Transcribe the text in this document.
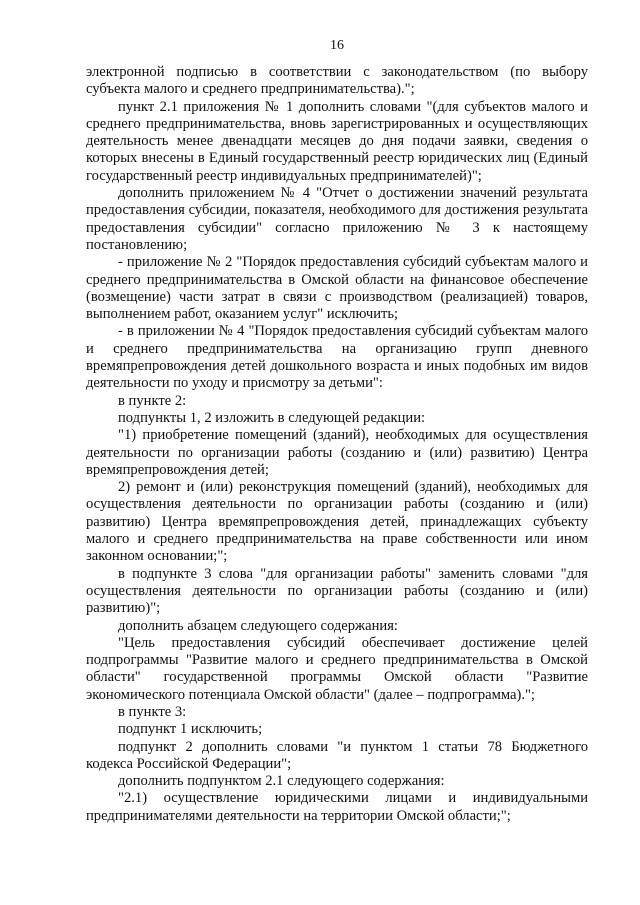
16

электронной подписью в соответствии с законодательством (по выбору субъекта малого и среднего предпринимательства).";

пункт 2.1 приложения № 1 дополнить словами "(для субъектов малого и среднего предпринимательства, вновь зарегистрированных и осуществляющих деятельность менее двенадцати месяцев до дня подачи заявки, сведения о которых внесены в Единый государственный реестр юридических лиц (Единый государственный реестр индивидуальных предпринимателей)";

дополнить приложением № 4 "Отчет о достижении значений результата предоставления субсидии, показателя, необходимого для достижения результата предоставления субсидии" согласно приложению № 3 к настоящему постановлению;

- приложение № 2 "Порядок предоставления субсидий субъектам малого и среднего предпринимательства в Омской области на финансовое обеспечение (возмещение) части затрат в связи с производством (реализацией) товаров, выполнением работ, оказанием услуг" исключить;

- в приложении № 4 "Порядок предоставления субсидий субъектам малого и среднего предпринимательства на организацию групп дневного времяпрепровождения детей дошкольного возраста и иных подобных им видов деятельности по уходу и присмотру за детьми":

в пункте 2:

подпункты 1, 2 изложить в следующей редакции:

"1) приобретение помещений (зданий), необходимых для осуществления деятельности по организации работы (созданию и (или) развитию) Центра времяпрепровождения детей;

2) ремонт и (или) реконструкция помещений (зданий), необходимых для осуществления деятельности по организации работы (созданию и (или) развитию) Центра времяпрепровождения детей, принадлежащих субъекту малого и среднего предпринимательства на праве собственности или ином законном основании;";

в подпункте 3 слова "для организации работы" заменить словами "для осуществления деятельности по организации работы (созданию и (или) развитию)";

дополнить абзацем следующего содержания:

"Цель предоставления субсидий обеспечивает достижение целей подпрограммы "Развитие малого и среднего предпринимательства в Омской области" государственной программы Омской области "Развитие экономического потенциала Омской области" (далее – подпрограмма).";

в пункте 3:

подпункт 1 исключить;

подпункт 2 дополнить словами "и пунктом 1 статьи 78 Бюджетного кодекса Российской Федерации";

дополнить подпунктом 2.1 следующего содержания:

"2.1) осуществление юридическими лицами и индивидуальными предпринимателями деятельности на территории Омской области;";
